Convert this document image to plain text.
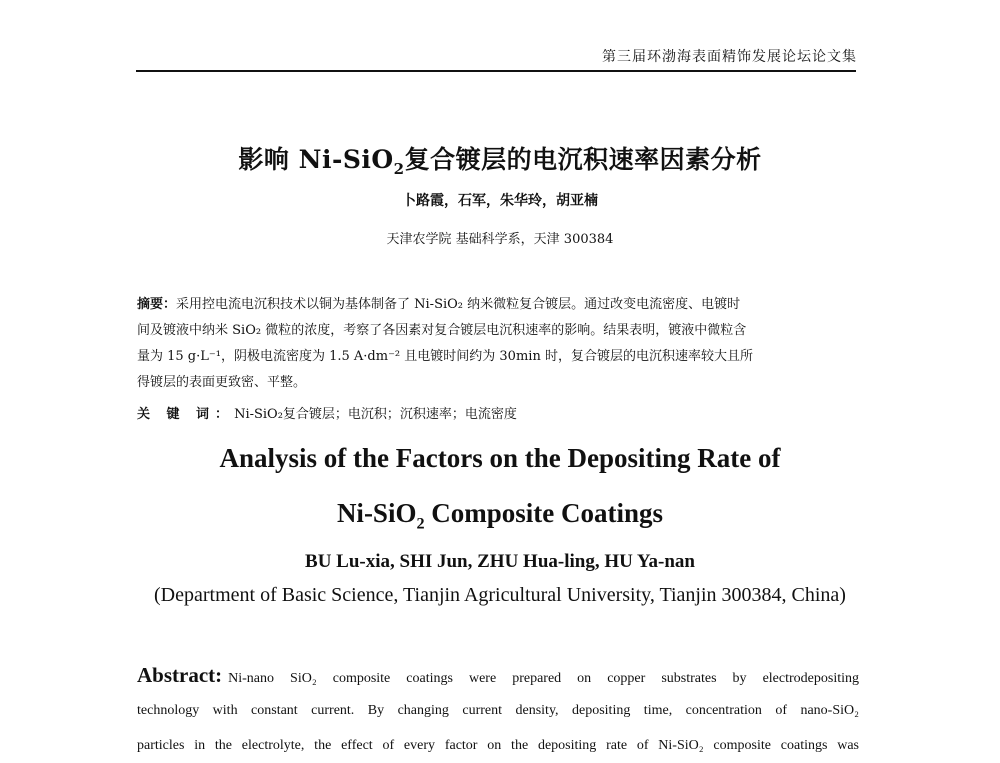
第三届环渤海表面精饰发展论坛论文集
影响 Ni-SiO$_2$复合镀层的电沉积速率因素分析
卜路霞，石军，朱华玲，胡亚楠
天津农学院 基础科学系，天津 300384
摘要：采用控电流电沉积技术以铜为基体制备了 Ni-SiO₂ 纳米微粒复合镀层。通过改变电流密度、电镀时
间及镀液中纳米 SiO₂ 微粒的浓度，考察了各因素对复合镀层电沉积速率的影响。结果表明，镀液中微粒含
量为 15 g·L⁻¹，阴极电流密度为 1.5 A·dm⁻² 且电镀时间约为 30min 时，复合镀层的电沉积速率较大且所
得镀层的表面更致密、平整。
关 键 词：Ni-SiO₂复合镀层；电沉积；沉积速率；电流密度
Analysis of the Factors on the Depositing Rate of
Ni-SiO$_2$ Composite Coatings
BU Lu-xia, SHI Jun, ZHU Hua-ling, HU Ya-nan
(Department of Basic Science, Tianjin Agricultural University, Tianjin 300384, China)
Abstract: Ni-nano SiO₂ composite coatings were prepared on copper substrates by electrodepositing
technology with constant current. By changing current density, depositing time, concentration of nano-SiO₂
particles in the electrolyte, the effect of every factor on the depositing rate of Ni-SiO₂ composite coatings was
